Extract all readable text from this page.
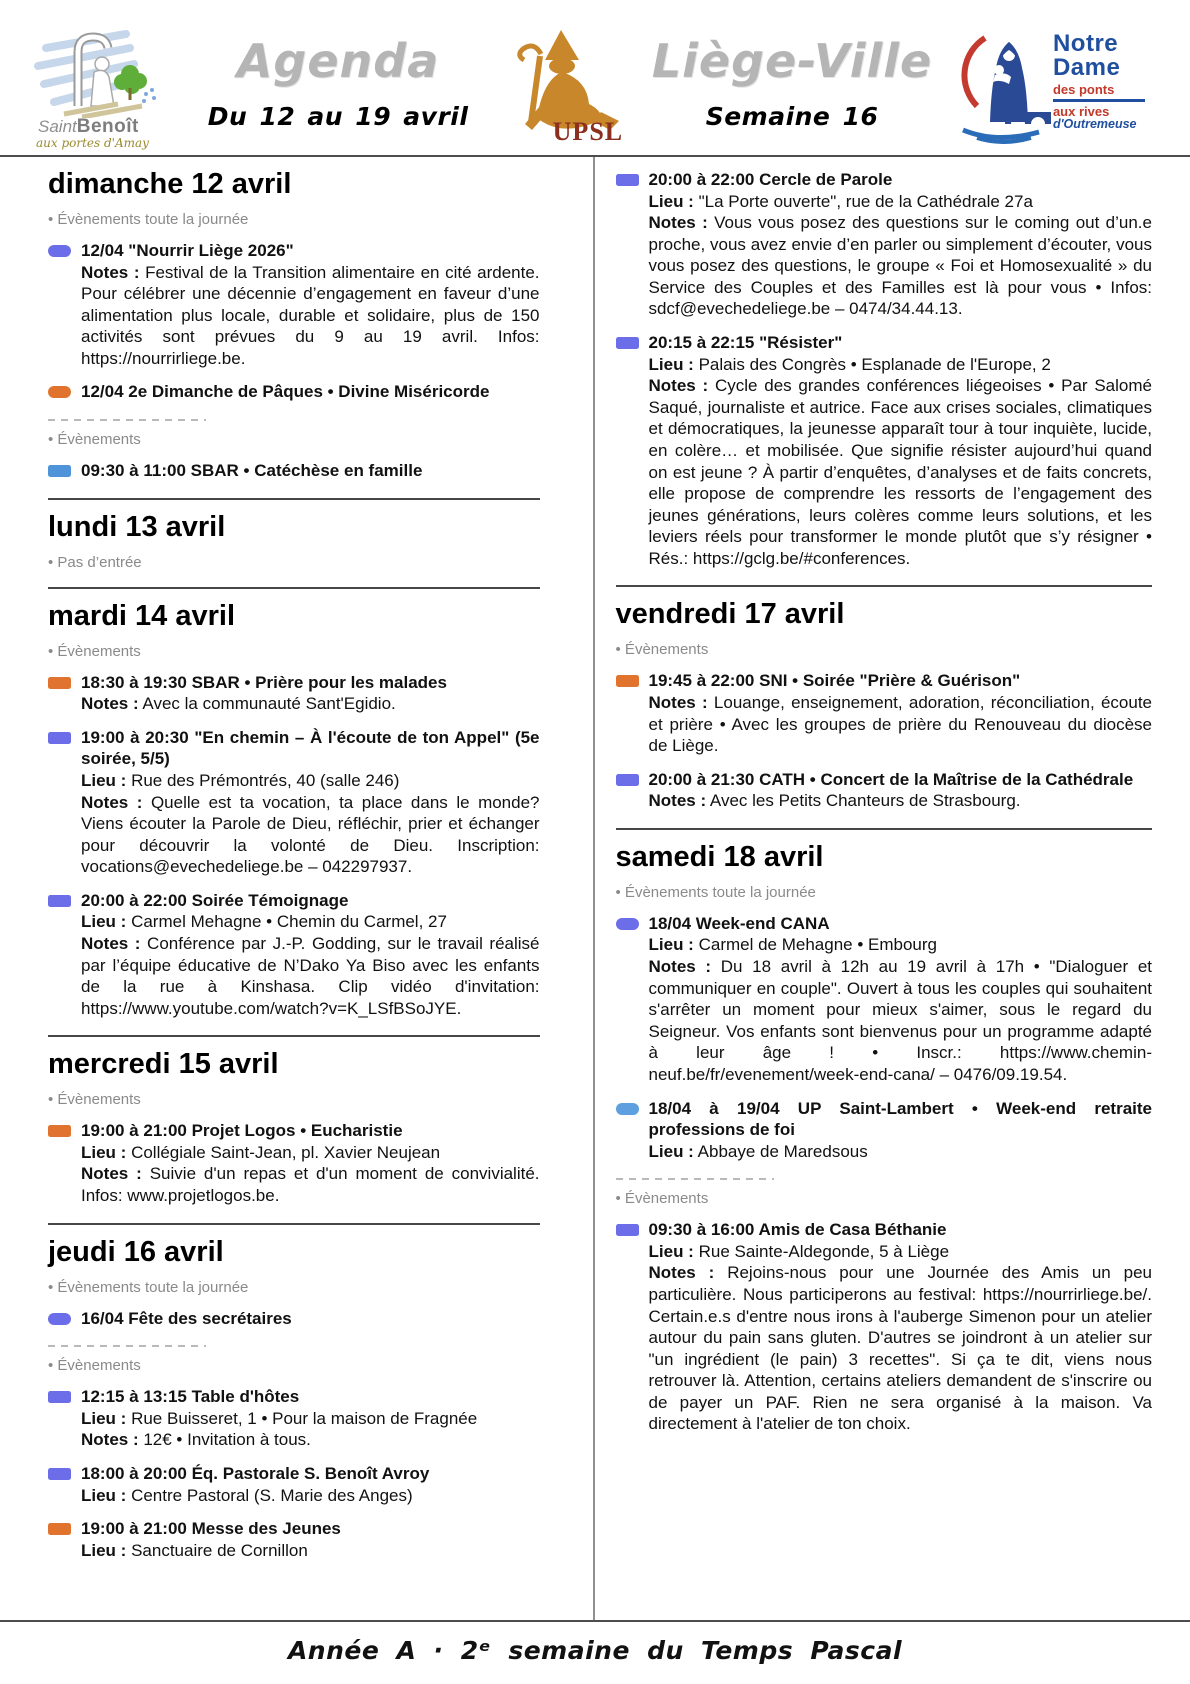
SaintBenoît
aux portes d'Amay
Agenda
Du 12 au 19 avril
UPSL
Liège-Ville
Semaine 16
Notre
Dame
des ponts
aux rives
d'Outremeuse
dimanche 12 avril
• Évènements toute la journée
12/04 "Nourrir Liège 2026"
Notes : Festival de la Transition alimentaire en cité ardente. Pour célébrer une décennie d’engagement en faveur d’une alimentation plus locale, durable et solidaire, plus de 150 activités sont prévues du 9 au 19 avril. Infos: https://nourrirliege.be.
12/04 2e Dimanche de Pâques • Divine Miséricorde
• Évènements
09:30 à 11:00 SBAR • Catéchèse en famille
lundi 13 avril
• Pas d’entrée
mardi 14 avril
• Évènements
18:30 à 19:30 SBAR • Prière pour les malades
Notes : Avec la communauté Sant'Egidio.
19:00 à 20:30 "En chemin – À l'écoute de ton Appel" (5e soirée, 5/5)
Lieu : Rue des Prémontrés, 40 (salle 246)
Notes : Quelle est ta vocation, ta place dans le monde? Viens écouter la Parole de Dieu, réfléchir, prier et échanger pour découvrir la volonté de Dieu. Inscription: vocations@evechedeliege.be – 042297937.
20:00 à 22:00 Soirée Témoignage
Lieu : Carmel Mehagne • Chemin du Carmel, 27
Notes : Conférence par J.-P. Godding, sur le travail réalisé par l’équipe éducative de N’Dako Ya Biso avec les enfants de la rue à Kinshasa. Clip vidéo d'invitation: https://www.youtube.com/watch?v=K_LSfBSoJYE.
mercredi 15 avril
• Évènements
19:00 à 21:00 Projet Logos • Eucharistie
Lieu : Collégiale Saint-Jean, pl. Xavier Neujean
Notes : Suivie d'un repas et d'un moment de convivialité. Infos: www.projetlogos.be.
jeudi 16 avril
• Évènements toute la journée
16/04 Fête des secrétaires
• Évènements
12:15 à 13:15 Table d'hôtes
Lieu : Rue Buisseret, 1 • Pour la maison de Fragnée
Notes : 12€ • Invitation à tous.
18:00 à 20:00 Éq. Pastorale S. Benoît Avroy
Lieu : Centre Pastoral (S. Marie des Anges)
19:00 à 21:00 Messe des Jeunes
Lieu : Sanctuaire de Cornillon
20:00 à 22:00 Cercle de Parole
Lieu : "La Porte ouverte", rue de la Cathédrale 27a
Notes : Vous vous posez des questions sur le coming out d’un.e proche, vous avez envie d’en parler ou simplement d’écouter, vous vous posez des questions, le groupe « Foi et Homosexualité » du Service des Couples et des Familles est là pour vous • Infos: sdcf@evechedeliege.be – 0474/34.44.13.
20:15 à 22:15 "Résister"
Lieu : Palais des Congrès • Esplanade de l'Europe, 2
Notes : Cycle des grandes conférences liégeoises • Par Salomé Saqué, journaliste et autrice. Face aux crises sociales, climatiques et démocratiques, la jeunesse apparaît tour à tour inquiète, lucide, en colère… et mobilisée. Que signifie résister aujourd’hui quand on est jeune ? À partir d’enquêtes, d’analyses et de faits concrets, elle propose de comprendre les ressorts de l’engagement des jeunes générations, leurs colères comme leurs solutions, et les leviers réels pour transformer le monde plutôt que s’y résigner • Rés.: https://gclg.be/#conferences.
vendredi 17 avril
• Évènements
19:45 à 22:00 SNI • Soirée "Prière & Guérison"
Notes : Louange, enseignement, adoration, réconciliation, écoute et prière • Avec les groupes de prière du Renouveau du diocèse de Liège.
20:00 à 21:30 CATH • Concert de la Maîtrise de la Cathédrale
Notes : Avec les Petits Chanteurs de Strasbourg.
samedi 18 avril
• Évènements toute la journée
18/04 Week-end CANA
Lieu : Carmel de Mehagne • Embourg
Notes : Du 18 avril à 12h au 19 avril à 17h • "Dialoguer et communiquer en couple". Ouvert à tous les couples qui souhaitent s'arrêter un moment pour mieux s'aimer, sous le regard du Seigneur. Vos enfants sont bienvenus pour un programme adapté à leur âge ! • Inscr.: https://www.chemin-neuf.be/fr/evenement/week-end-cana/ – 0476/09.19.54.
18/04 à 19/04 UP Saint-Lambert • Week-end retraite professions de foi
Lieu : Abbaye de Maredsous
• Évènements
09:30 à 16:00 Amis de Casa Béthanie
Lieu : Rue Sainte-Aldegonde, 5 à Liège
Notes : Rejoins-nous pour une Journée des Amis un peu particulière. Nous participerons au festival: https://nourrirliege.be/. Certain.e.s d'entre nous irons à l'auberge Simenon pour un atelier autour du pain sans gluten. D'autres se joindront à un atelier sur "un ingrédient (le pain) 3 recettes". Si ça te dit, viens nous retrouver là. Attention, certains ateliers demandent de s'inscrire ou de payer un PAF. Rien ne sera organisé à la maison. Va directement à l'atelier de ton choix.
Année A · 2ᵉ semaine du Temps Pascal
